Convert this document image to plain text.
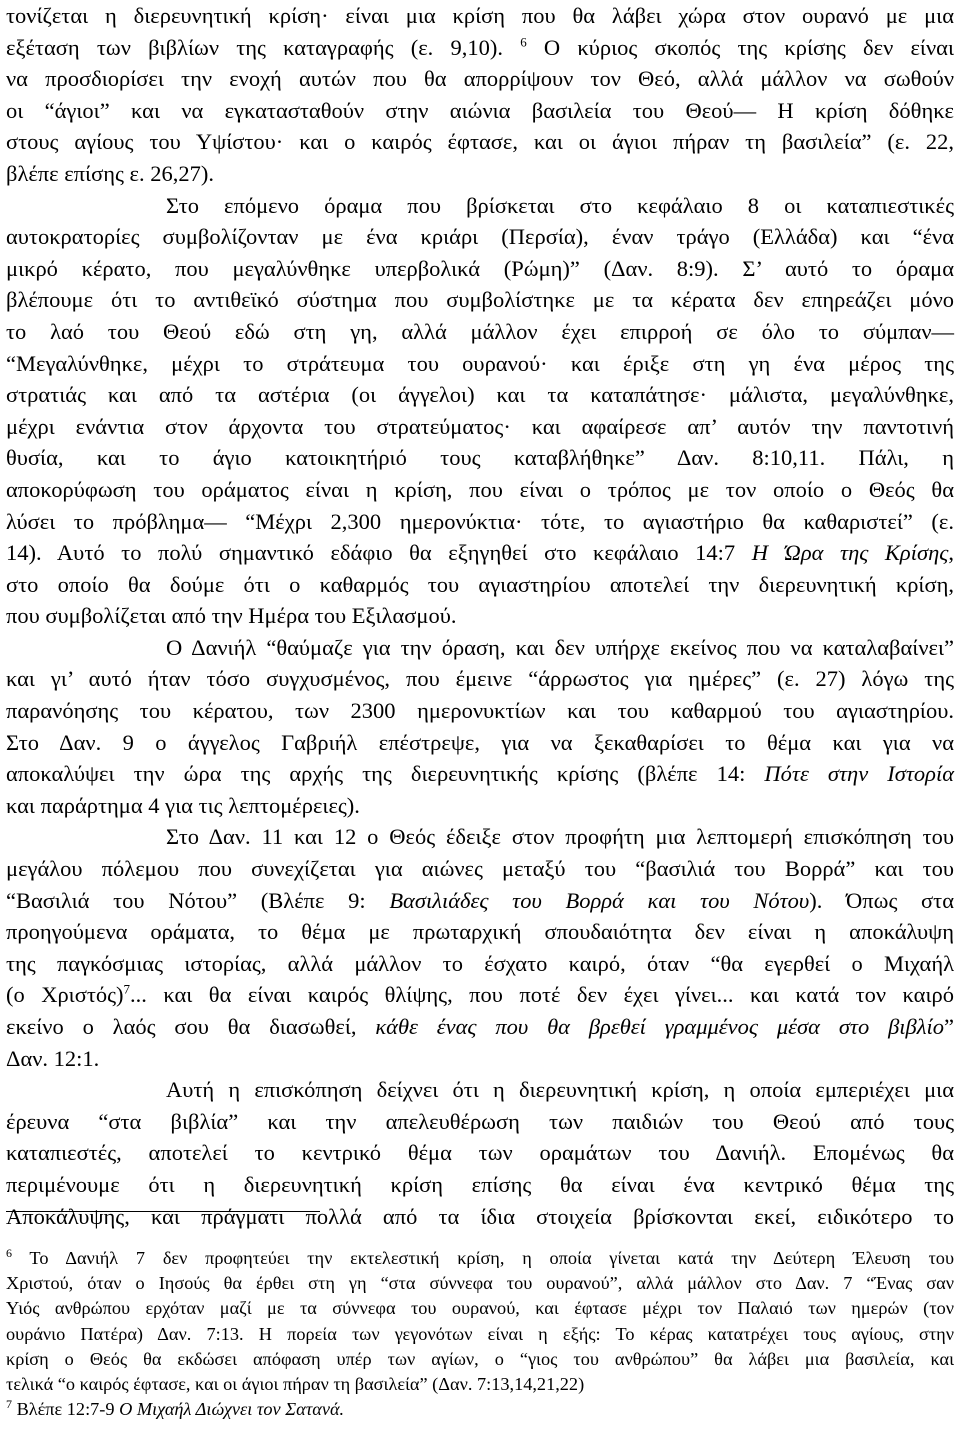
τονίζεται η διερευνητική κρίση· είναι μια κρίση που θα λάβει χώρα στον ουρανό με μια
εξέταση των βιβλίων της καταγραφής (ε. 9,10). $^6$ Ο κύριος σκοπός της κρίσης δεν είναι
να προσδιορίσει την ενοχή αυτών που θα απορρίψουν τον Θεό, αλλά μάλλον να σωθούν
οι “άγιοι” και να εγκατασταθούν στην αιώνια βασιλεία του Θεού— Η κρίση δόθηκε
στους αγίους του Υψίστου· και ο καιρός έφτασε, και οι άγιοι πήραν τη βασιλεία” (ε. 22,
βλέπε επίσης ε. 26,27).
Στο επόμενο όραμα που βρίσκεται στο κεφάλαιο 8 οι καταπιεστικές
αυτοκρατορίες συμβολίζονταν με ένα κριάρι (Περσία), έναν τράγο (Ελλάδα) και “ένα
μικρό κέρατο, που μεγαλύνθηκε υπερβολικά (Ρώμη)” (Δαν. 8:9). Σ’ αυτό το όραμα
βλέπουμε ότι το αντιθεϊκό σύστημα που συμβολίστηκε με τα κέρατα δεν επηρεάζει μόνο
το λαό του Θεού εδώ στη γη, αλλά μάλλον έχει επιρροή σε όλο το σύμπαν—
“Μεγαλύνθηκε, μέχρι το στράτευμα του ουρανού· και έριξε στη γη ένα μέρος της
στρατιάς και από τα αστέρια (οι άγγελοι) και τα καταπάτησε· μάλιστα, μεγαλύνθηκε,
μέχρι ενάντια στον άρχοντα του στρατεύματος· και αφαίρεσε απ’ αυτόν την παντοτινή
θυσία, και το άγιο κατοικητήριό τους καταβλήθηκε” Δαν. 8:10,11. Πάλι, η
αποκορύφωση του οράματος είναι η κρίση, που είναι ο τρόπος με τον οποίο ο Θεός θα
λύσει το πρόβλημα— “Μέχρι 2,300 ημερονύκτια· τότε, το αγιαστήριο θα καθαριστεί” (ε.
14). Αυτό το πολύ σημαντικό εδάφιο θα εξηγηθεί στο κεφάλαιο 14:7 Η Ώρα της Κρίσης,
στο οποίο θα δούμε ότι ο καθαρμός του αγιαστηρίου αποτελεί την διερευνητική κρίση,
που συμβολίζεται από την Ημέρα του Εξιλασμού.
Ο Δανιήλ “θαύμαζε για την όραση, και δεν υπήρχε εκείνος που να καταλαβαίνει”
και γι’ αυτό ήταν τόσο συγχυσμένος, που έμεινε “άρρωστος για ημέρες” (ε. 27) λόγω της
παρανόησης του κέρατου, των 2300 ημερονυκτίων και του καθαρμού του αγιαστηρίου.
Στο Δαν. 9 ο άγγελος Γαβριήλ επέστρεψε, για να ξεκαθαρίσει το θέμα και για να
αποκαλύψει την ώρα της αρχής της διερευνητικής κρίσης (βλέπε 14: Πότε στην Ιστορία
και παράρτημα 4 για τις λεπτομέρειες).
Στο Δαν. 11 και 12 ο Θεός έδειξε στον προφήτη μια λεπτομερή επισκόπηση του
μεγάλου πόλεμου που συνεχίζεται για αιώνες μεταξύ του “βασιλιά του Βορρά” και του
“Βασιλιά του Νότου” (Βλέπε 9: Βασιλιάδες του Βορρά και του Νότου). Όπως στα
προηγούμενα οράματα, το θέμα με πρωταρχική σπουδαιότητα δεν είναι η αποκάλυψη
της παγκόσμιας ιστορίας, αλλά μάλλον το έσχατο καιρό, όταν “θα εγερθεί ο Μιχαήλ
(ο Χριστός)$^7$... και θα είναι καιρός θλίψης, που ποτέ δεν έχει γίνει... και κατά τον καιρό
εκείνο ο λαός σου θα διασωθεί, κάθε ένας που θα βρεθεί γραμμένος μέσα στο βιβλίο”
Δαν. 12:1.
Αυτή η επισκόπηση δείχνει ότι η διερευνητική κρίση, η οποία εμπεριέχει μια
έρευνα “στα βιβλία” και την απελευθέρωση των παιδιών του Θεού από τους
καταπιεστές, αποτελεί το κεντρικό θέμα των οραμάτων του Δανιήλ. Επομένως θα
περιμένουμε ότι η διερευνητική κρίση επίσης θα είναι ένα κεντρικό θέμα της
Αποκάλυψης, και πράγματι πολλά από τα ίδια στοιχεία βρίσκονται εκεί, ειδικότερο το
$^6$ Το Δανιήλ 7 δεν προφητεύει την εκτελεστική κρίση, η οποία γίνεται κατά την Δεύτερη Έλευση του
Χριστού, όταν ο Ιησούς θα έρθει στη γη “στα σύννεφα του ουρανού”, αλλά μάλλον στο Δαν. 7 “Ένας σαν
Υιός ανθρώπου ερχόταν μαζί με τα σύννεφα του ουρανού, και έφτασε μέχρι τον Παλαιό των ημερών (τον
ουράνιο Πατέρα) Δαν. 7:13. Η πορεία των γεγονότων είναι η εξής: Το κέρας κατατρέχει τους αγίους, στην
κρίση ο Θεός θα εκδώσει απόφαση υπέρ των αγίων, ο “γιος του ανθρώπου” θα λάβει μια βασιλεία, και
τελικά “ο καιρός έφτασε, και οι άγιοι πήραν τη βασιλεία” (Δαν. 7:13,14,21,22)
$^7$ Βλέπε 12:7-9 Ο Μιχαήλ Διώχνει τον Σατανά.
